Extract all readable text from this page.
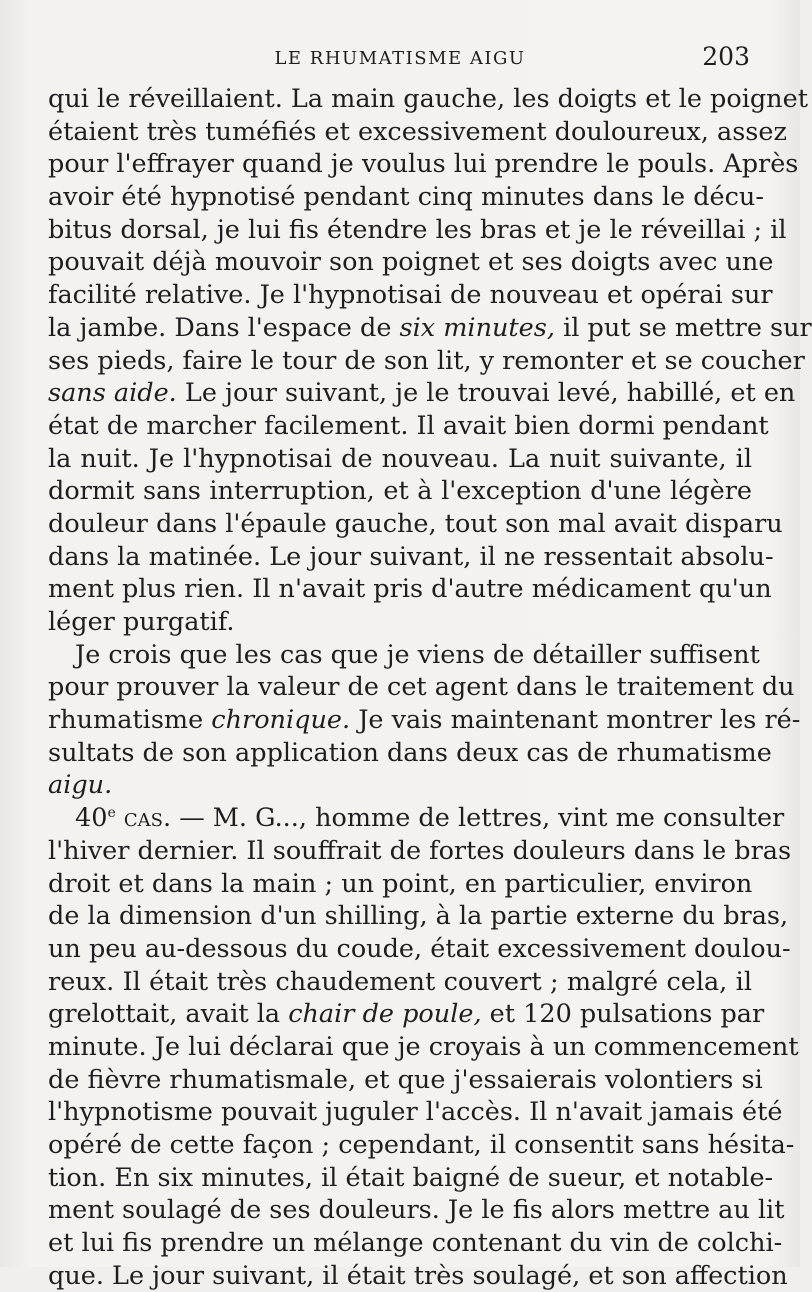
LE RHUMATISME AIGU	203
qui le réveillaient. La main gauche, les doigts et le poignet
étaient très tuméfiés et excessivement douloureux, assez
pour l'effrayer quand je voulus lui prendre le pouls. Après
avoir été hypnotisé pendant cinq minutes dans le décu-
bitus dorsal, je lui fis étendre les bras et je le réveillai ; il
pouvait déjà mouvoir son poignet et ses doigts avec une
facilité relative. Je l'hypnotisai de nouveau et opérai sur
la jambe. Dans l'espace de six minutes, il put se mettre sur
ses pieds, faire le tour de son lit, y remonter et se coucher
sans aide. Le jour suivant, je le trouvai levé, habillé, et en
état de marcher facilement. Il avait bien dormi pendant
la nuit. Je l'hypnotisai de nouveau. La nuit suivante, il
dormit sans interruption, et à l'exception d'une légère
douleur dans l'épaule gauche, tout son mal avait disparu
dans la matinée. Le jour suivant, il ne ressentait absolu-
ment plus rien. Il n'avait pris d'autre médicament qu'un
léger purgatif.
Je crois que les cas que je viens de détailler suffisent
pour prouver la valeur de cet agent dans le traitement du
rhumatisme chronique. Je vais maintenant montrer les ré-
sultats de son application dans deux cas de rhumatisme
aigu.
40e cas. — M. G..., homme de lettres, vint me consulter
l'hiver dernier. Il souffrait de fortes douleurs dans le bras
droit et dans la main ; un point, en particulier, environ
de la dimension d'un shilling, à la partie externe du bras,
un peu au-dessous du coude, était excessivement doulou-
reux. Il était très chaudement couvert ; malgré cela, il
grelottait, avait la chair de poule, et 120 pulsations par
minute. Je lui déclarai que je croyais à un commencement
de fièvre rhumatismale, et que j'essaierais volontiers si
l'hypnotisme pouvait juguler l'accès. Il n'avait jamais été
opéré de cette façon ; cependant, il consentit sans hésita-
tion. En six minutes, il était baigné de sueur, et notable-
ment soulagé de ses douleurs. Je le fis alors mettre au lit
et lui fis prendre un mélange contenant du vin de colchi-
que. Le jour suivant, il était très soulagé, et son affection
